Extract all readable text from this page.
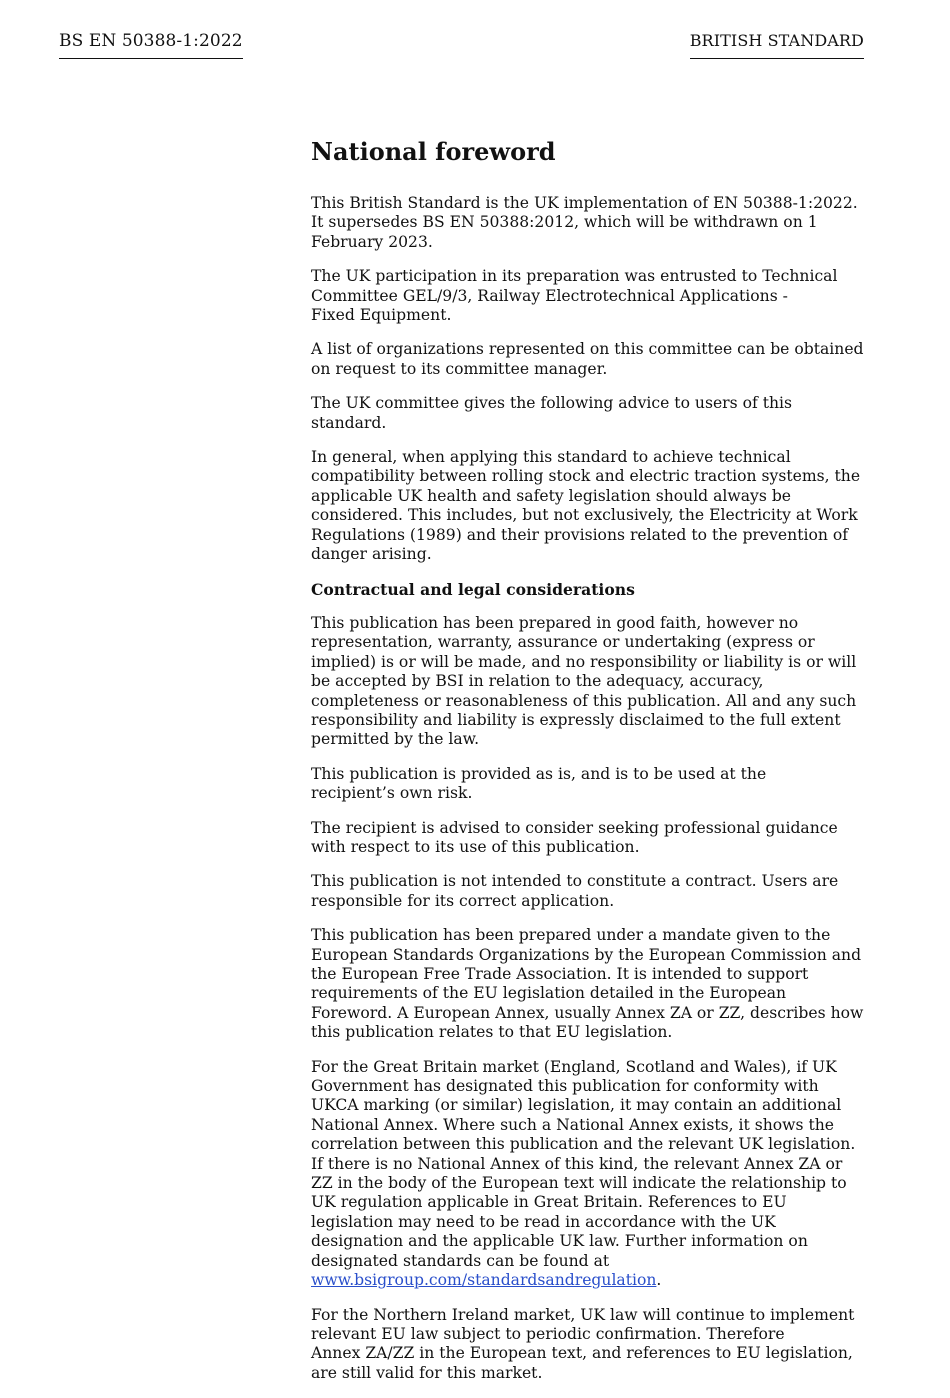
BS EN 50388-1:2022	BRITISH STANDARD
National foreword

This British Standard is the UK implementation of EN 50388-1:2022.
It supersedes BS EN 50388:2012, which will be withdrawn on 1
February 2023.

The UK participation in its preparation was entrusted to Technical
Committee GEL/9/3, Railway Electrotechnical Applications -
Fixed Equipment.

A list of organizations represented on this committee can be obtained on request to its committee manager.

The UK committee gives the following advice to users of this standard.

In general, when applying this standard to achieve technical compatibility between rolling stock and electric traction systems, the applicable UK health and safety legislation should always be considered. This includes, but not exclusively, the Electricity at Work Regulations (1989) and their provisions related to the prevention of danger arising.

Contractual and legal considerations

This publication has been prepared in good faith, however no representation, warranty, assurance or undertaking (express or implied) is or will be made, and no responsibility or liability is or will be accepted by BSI in relation to the adequacy, accuracy, completeness or reasonableness of this publication. All and any such responsibility and liability is expressly disclaimed to the full extent permitted by the law.

This publication is provided as is, and is to be used at the
recipient’s own risk.

The recipient is advised to consider seeking professional guidance with respect to its use of this publication.

This publication is not intended to constitute a contract. Users are responsible for its correct application.

This publication has been prepared under a mandate given to the European Standards Organizations by the European Commission and the European Free Trade Association. It is intended to support requirements of the EU legislation detailed in the European Foreword. A European Annex, usually Annex ZA or ZZ, describes how this publication relates to that EU legislation.

For the Great Britain market (England, Scotland and Wales), if UK Government has designated this publication for conformity with UKCA marking (or similar) legislation, it may contain an additional National Annex. Where such a National Annex exists, it shows the correlation between this publication and the relevant UK legislation. If there is no National Annex of this kind, the relevant Annex ZA or ZZ in the body of the European text will indicate the relationship to UK regulation applicable in Great Britain. References to EU legislation may need to be read in accordance with the UK designation and the applicable UK law. Further information on designated standards can be found at www.bsigroup.com/standardsandregulation.

For the Northern Ireland market, UK law will continue to implement
relevant EU law subject to periodic confirmation. Therefore
Annex ZA/ZZ in the European text, and references to EU legislation, are still valid for this market.
